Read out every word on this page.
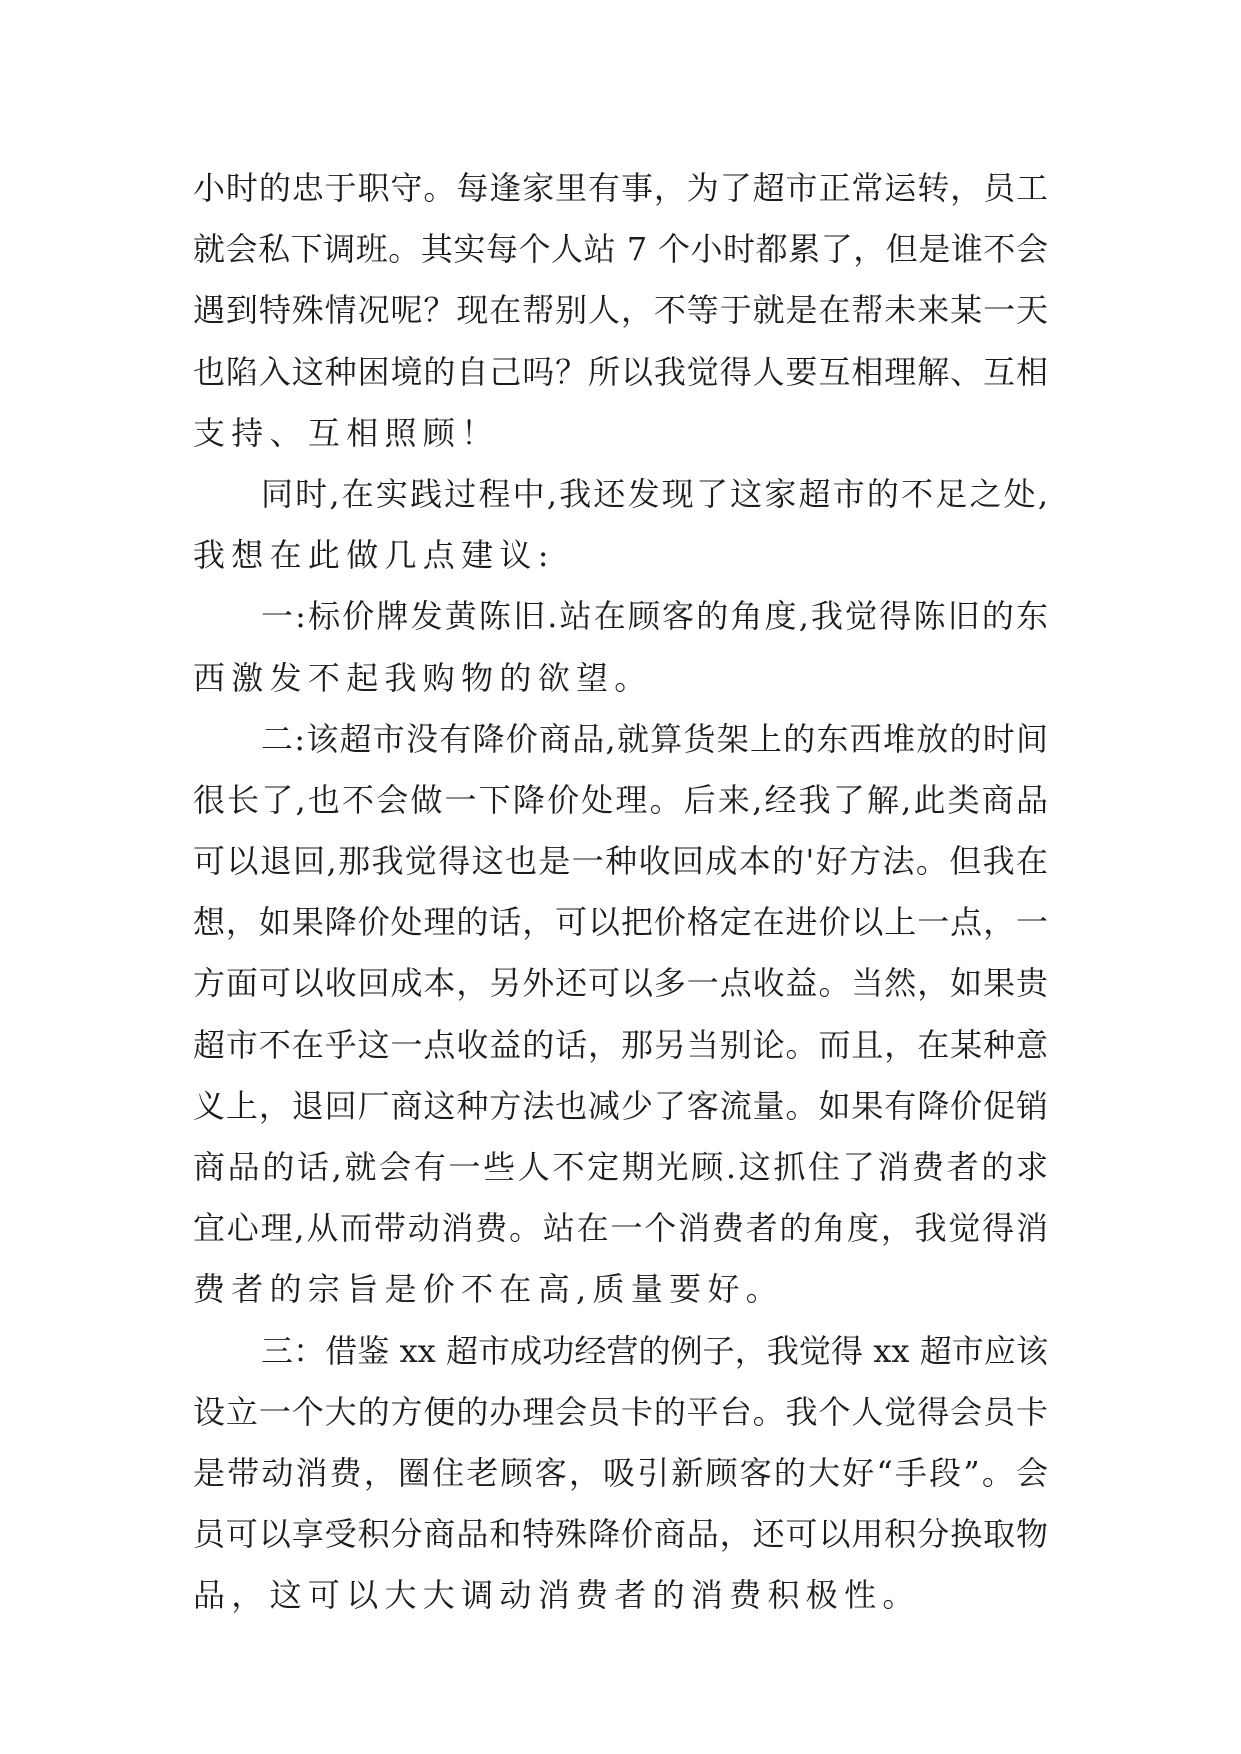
小时的忠于职守。每逢家里有事，为了超市正常运转，员工
就会私下调班。其实每个人站 7 个小时都累了，但是谁不会
遇到特殊情况呢？现在帮别人，不等于就是在帮未来某一天
也陷入这种困境的自己吗？所以我觉得人要互相理解、互相
支持、互相照顾！
同时,在实践过程中,我还发现了这家超市的不足之处,
我想在此做几点建议:
一:标价牌发黄陈旧.站在顾客的角度,我觉得陈旧的东
西激发不起我购物的欲望。
二:该超市没有降价商品,就算货架上的东西堆放的时间
很长了,也不会做一下降价处理。后来,经我了解,此类商品
可以退回,那我觉得这也是一种收回成本的'好方法。但我在
想，如果降价处理的话，可以把价格定在进价以上一点，一
方面可以收回成本，另外还可以多一点收益。当然，如果贵
超市不在乎这一点收益的话，那另当别论。而且，在某种意
义上，退回厂商这种方法也减少了客流量。如果有降价促销
商品的话,就会有一些人不定期光顾.这抓住了消费者的求
宜心理,从而带动消费。站在一个消费者的角度，我觉得消
费者的宗旨是价不在高,质量要好。
三：借鉴 xx 超市成功经营的例子，我觉得 xx 超市应该
设立一个大的方便的办理会员卡的平台。我个人觉得会员卡
是带动消费，圈住老顾客，吸引新顾客的大好“手段”。会
员可以享受积分商品和特殊降价商品，还可以用积分换取物
品，这可以大大调动消费者的消费积极性。
